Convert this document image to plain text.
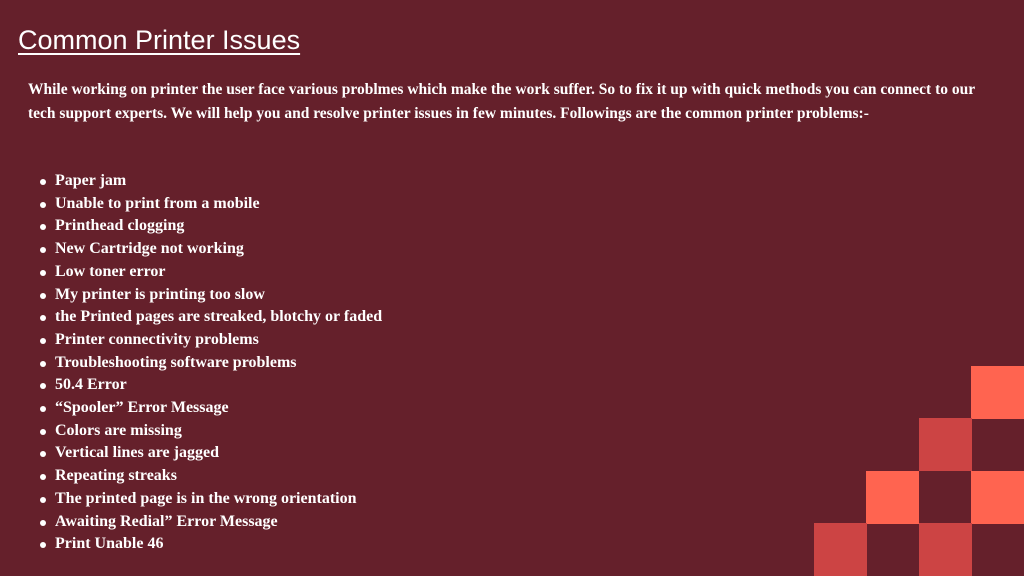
Common Printer Issues

While working on printer the user face various problmes which make the work suffer. So to fix it up with quick methods you can connect to our tech support experts. We will help you and resolve printer issues in few minutes. Followings are the common printer problems:-

Paper jam
Unable to print from a mobile
Printhead clogging
New Cartridge not working
Low toner error
My printer is printing too slow
the Printed pages are streaked, blotchy or faded
Printer connectivity problems
Troubleshooting software problems
50.4 Error
“Spooler” Error Message
Colors are missing
Vertical lines are jagged
Repeating streaks
The printed page is in the wrong orientation
Awaiting Redial” Error Message
Print Unable 46
